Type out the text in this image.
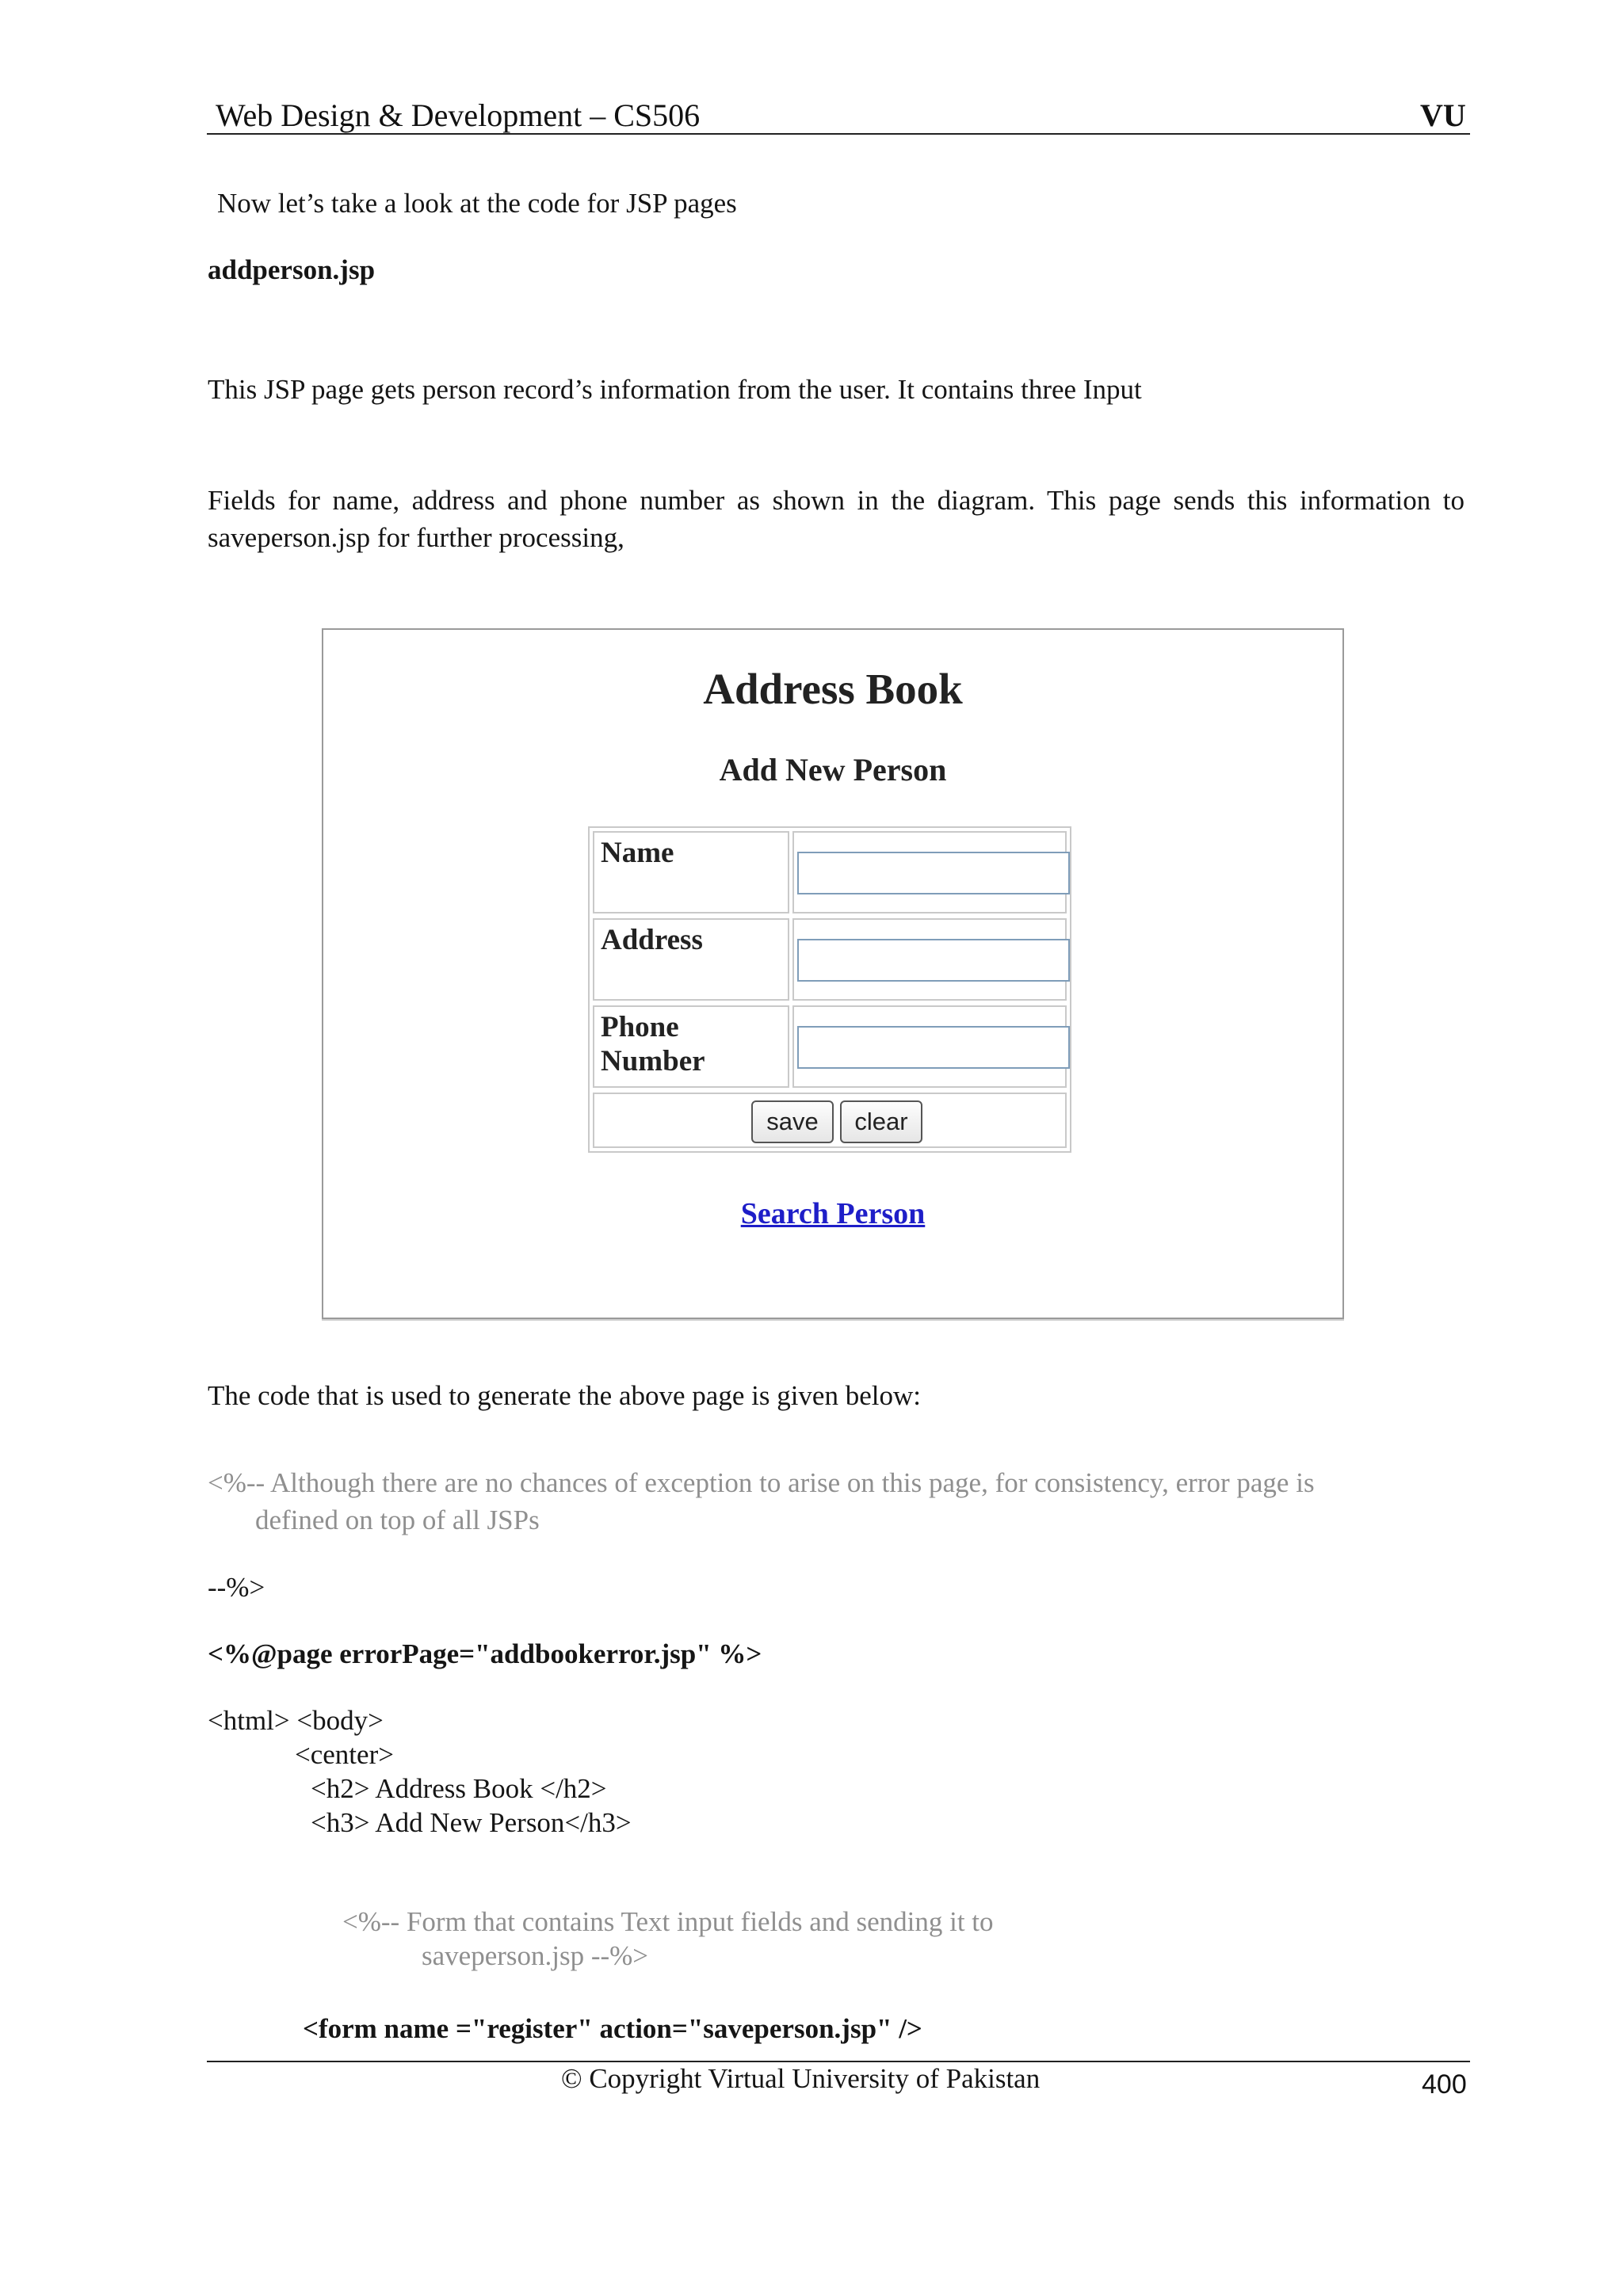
Web Design & Development – CS506	VU
Now let’s take a look at the code for JSP pages
addperson.jsp
This JSP page gets person record’s information from the user. It contains three Input
Fields for name, address and phone number as shown in the diagram. This page sends this information to
saveperson.jsp for further processing,
Address Book
Add New Person
Name
Address
Phone Number
save	clear
Search Person
The code that is used to generate the above page is given below:
<%-- Although there are no chances of exception to arise on this page, for consistency, error page is
defined on top of all JSPs
--%>
<%@page errorPage="addbookerror.jsp" %>
<html> <body>
<center>
<h2> Address Book </h2>
<h3> Add New Person</h3>
<%-- Form that contains Text input fields and sending it to
saveperson.jsp --%>
<form name ="register" action="saveperson.jsp" />
© Copyright Virtual University of Pakistan	400
